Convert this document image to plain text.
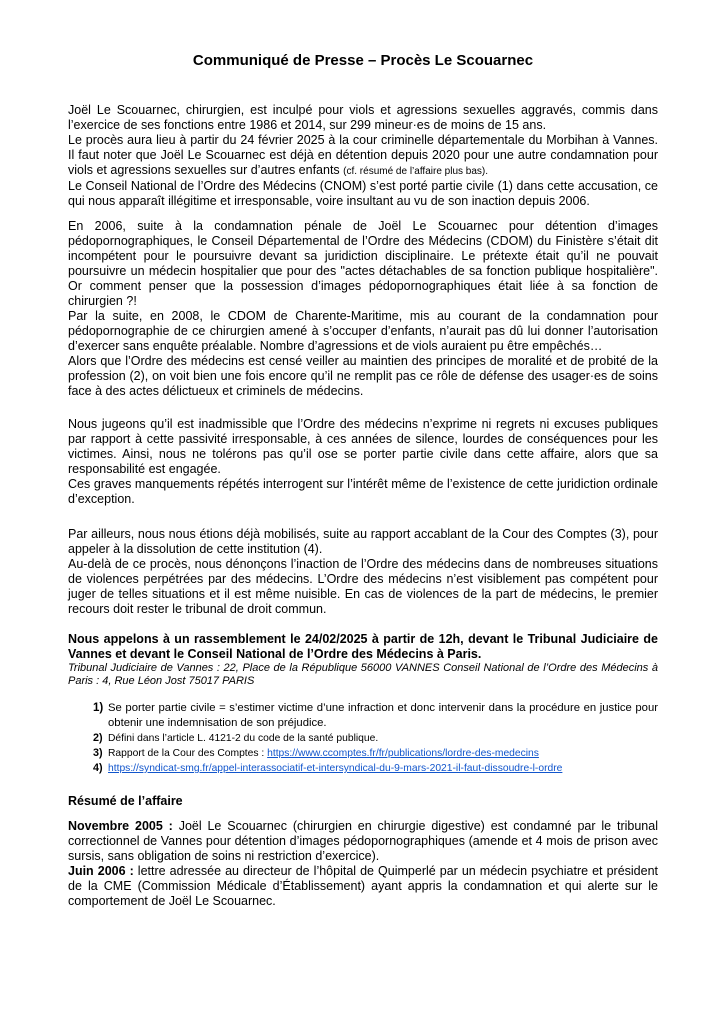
Communiqué de Presse – Procès Le Scouarnec

Joël Le Scouarnec, chirurgien, est inculpé pour viols et agressions sexuelles aggravés, commis dans l’exercice de ses fonctions entre 1986 et 2014, sur 299 mineur·es de moins de 15 ans.

Le procès aura lieu à partir du 24 février 2025 à la cour criminelle départementale du Morbihan à Vannes. Il faut noter que Joël Le Scouarnec est déjà en détention depuis 2020 pour une autre condamnation pour viols et agressions sexuelles sur d’autres enfants (cf. résumé de l’affaire plus bas).

Le Conseil National de l’Ordre des Médecins (CNOM) s’est porté partie civile (1) dans cette accusation, ce qui nous apparaît illégitime et irresponsable, voire insultant au vu de son inaction depuis 2006.

En 2006, suite à la condamnation pénale de Joël Le Scouarnec pour détention d’images pédopornographiques, le Conseil Départemental de l’Ordre des Médecins (CDOM) du Finistère s’était dit incompétent pour le poursuivre devant sa juridiction disciplinaire. Le prétexte était qu’il ne pouvait poursuivre un médecin hospitalier que pour des "actes détachables de sa fonction publique hospitalière". Or comment penser que la possession d’images pédopornographiques était liée à sa fonction de chirurgien ?!

Par la suite, en 2008, le CDOM de Charente-Maritime, mis au courant de la condamnation pour pédopornographie de ce chirurgien amené à s’occuper d’enfants, n’aurait pas dû lui donner l’autorisation d’exercer sans enquête préalable. Nombre d’agressions et de viols auraient pu être empêchés…

Alors que l’Ordre des médecins est censé veiller au maintien des principes de moralité et de probité de la profession (2), on voit bien une fois encore qu’il ne remplit pas ce rôle de défense des usager·es de soins face à des actes délictueux et criminels de médecins.

Nous jugeons qu’il est inadmissible que l’Ordre des médecins n’exprime ni regrets ni excuses publiques par rapport à cette passivité irresponsable, à ces années de silence, lourdes de conséquences pour les victimes. Ainsi, nous ne tolérons pas qu’il ose se porter partie civile dans cette affaire, alors que sa responsabilité est engagée.

Ces graves manquements répétés interrogent sur l’intérêt même de l’existence de cette juridiction ordinale d’exception.

Par ailleurs, nous nous étions déjà mobilisés, suite au rapport accablant de la Cour des Comptes (3), pour appeler à la dissolution de cette institution (4).

Au-delà de ce procès, nous dénonçons l’inaction de l’Ordre des médecins dans de nombreuses situations de violences perpétrées par des médecins. L’Ordre des médecins n’est visiblement pas compétent pour juger de telles situations et il est même nuisible. En cas de violences de la part de médecins, le premier recours doit rester le tribunal de droit commun.

Nous appelons à un rassemblement le 24/02/2025 à partir de 12h, devant le Tribunal Judiciaire de Vannes et devant le Conseil National de l’Ordre des Médecins à Paris.

Tribunal Judiciaire de Vannes : 22, Place de la République 56000 VANNES Conseil National de l’Ordre des Médecins à Paris : 4, Rue Léon Jost 75017 PARIS

1) Se porter partie civile = s’estimer victime d’une infraction et donc intervenir dans la procédure en justice pour obtenir une indemnisation de son préjudice.
2) Défini dans l’article L. 4121-2 du code de la santé publique.
3) Rapport de la Cour des Comptes : https://www.ccomptes.fr/fr/publications/lordre-des-medecins
4) https://syndicat-smg.fr/appel-interassociatif-et-intersyndical-du-9-mars-2021-il-faut-dissoudre-l-ordre
Résumé de l’affaire

Novembre 2005 : Joël Le Scouarnec (chirurgien en chirurgie digestive) est condamné par le tribunal correctionnel de Vannes pour détention d’images pédopornographiques (amende et 4 mois de prison avec sursis, sans obligation de soins ni restriction d’exercice).

Juin 2006 : lettre adressée au directeur de l’hôpital de Quimperlé par un médecin psychiatre et président de la CME (Commission Médicale d’Établissement) ayant appris la condamnation et qui alerte sur le comportement de Joël Le Scouarnec.
